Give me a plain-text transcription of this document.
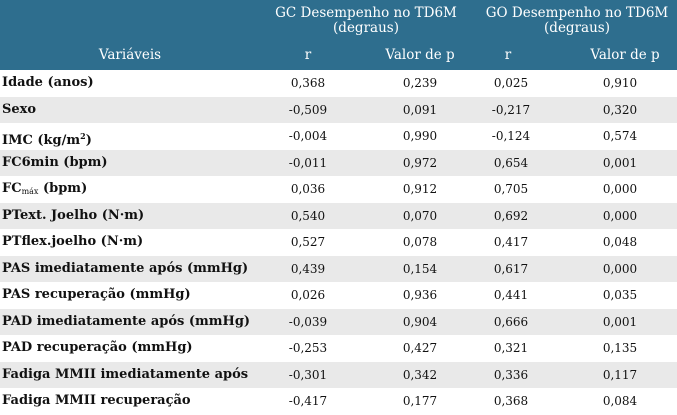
GC Desempenho no TD6M (degraus)
GO Desempenho no TD6M (degraus)
Variáveis	r	Valor de p	r	Valor de p
Idade (anos)	0,368	0,239	0,025	0,910
Sexo	-0,509	0,091	-0,217	0,320
IMC $(kg/m^2)$	-0,004	0,990	-0,124	0,574
FC6min (bpm)	-0,011	0,972	0,654	0,001
$FC_{máx}$ (bpm)	0,036	0,912	0,705	0,000
PText. Joelho (N·m)	0,540	0,070	0,692	0,000
PTflex.joelho (N·m)	0,527	0,078	0,417	0,048
PAS imediatamente após (mmHg)	0,439	0,154	0,617	0,000
PAS recuperação (mmHg)	0,026	0,936	0,441	0,035
PAD imediatamente após (mmHg)	-0,039	0,904	0,666	0,001
PAD recuperação (mmHg)	-0,253	0,427	0,321	0,135
Fadiga MMII imediatamente após	-0,301	0,342	0,336	0,117
Fadiga MMII recuperação	-0,417	0,177	0,368	0,084
